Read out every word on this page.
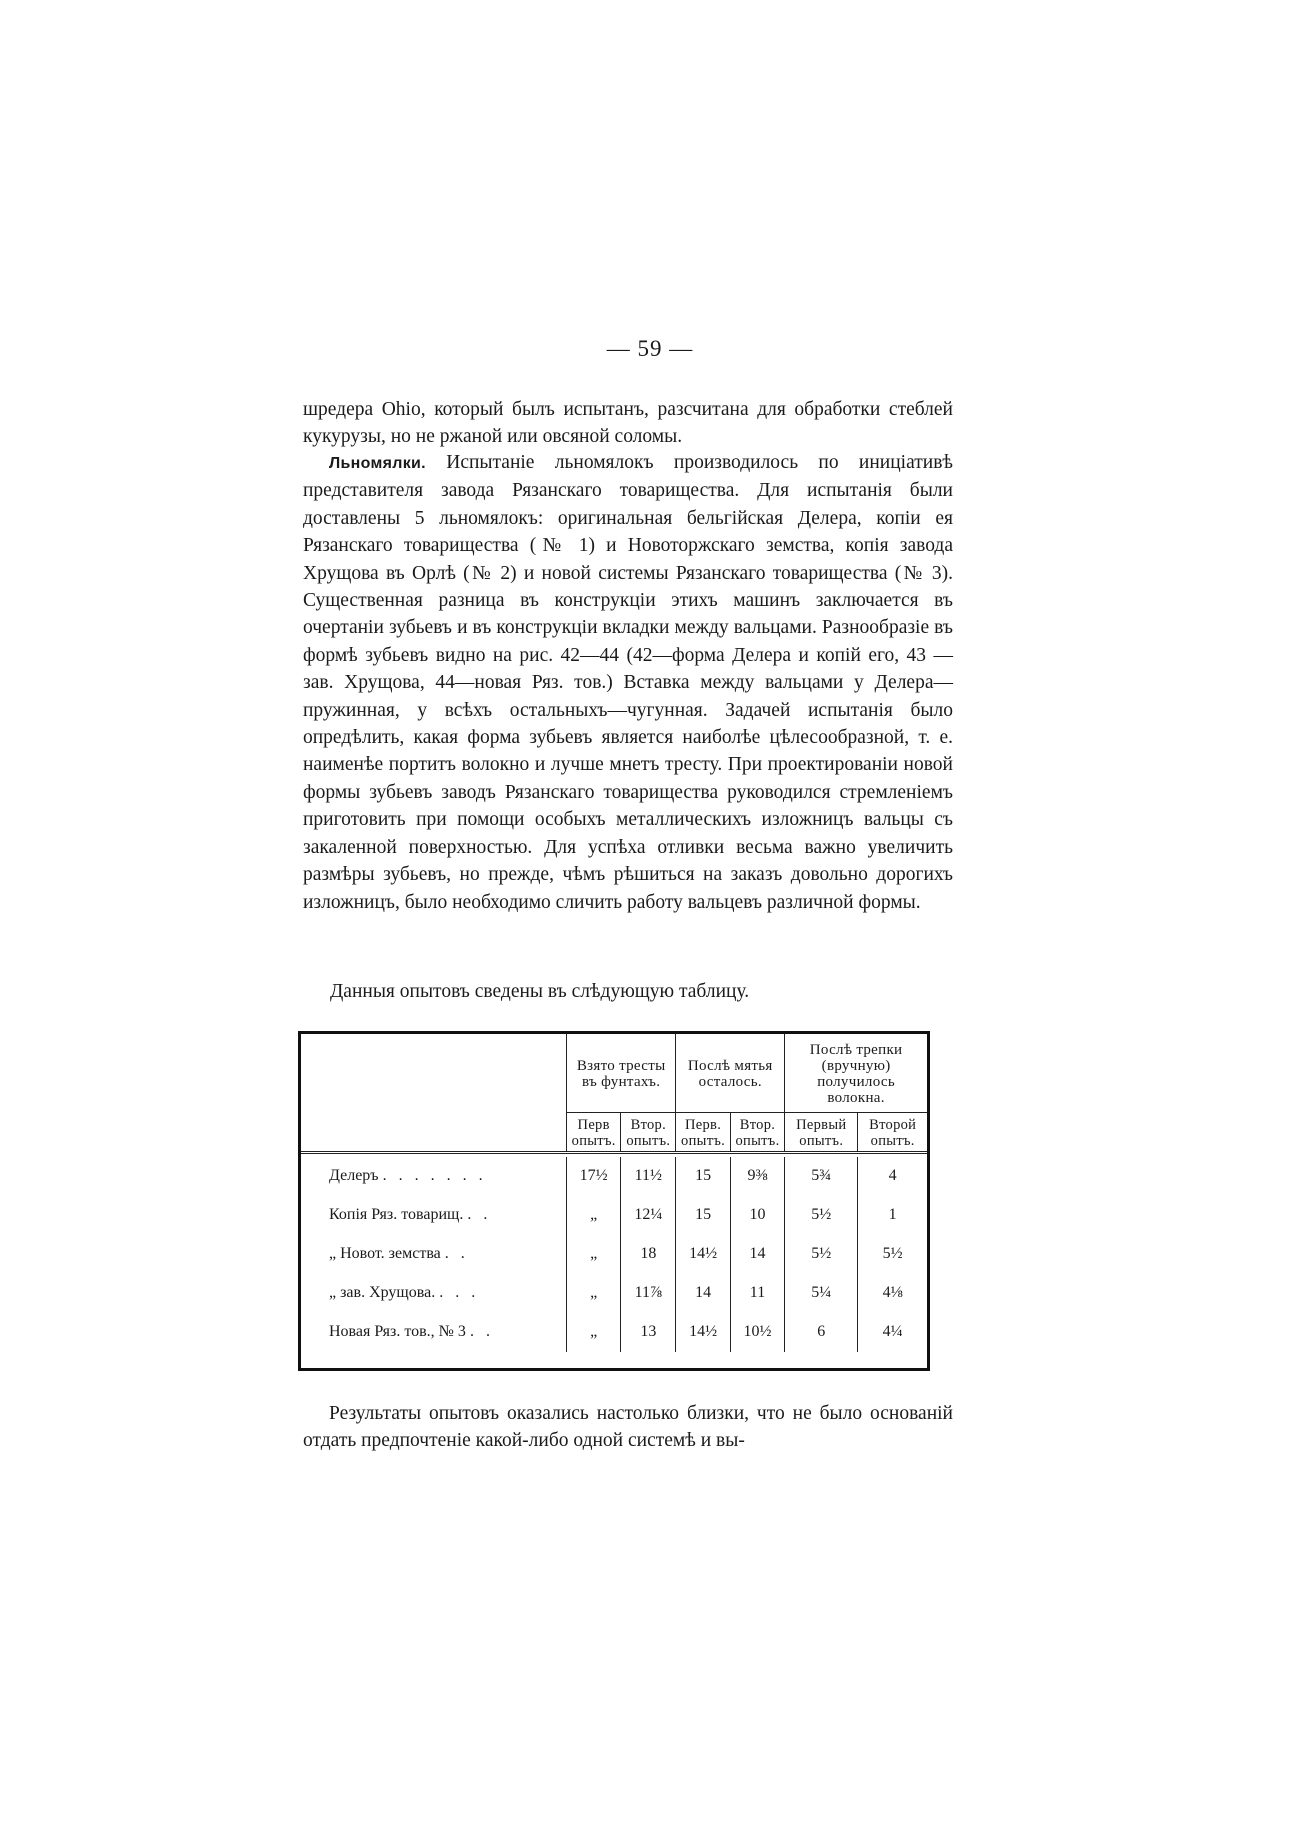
— 59 —

шредера Ohio, который былъ испытанъ, разсчитана для обработки стеблей кукурузы, но не ржаной или овсяной соломы.

Льномялки. Испытаніе льномялокъ производилось по иниціативѣ представителя завода Рязанскаго товарищества. Для испытанія были доставлены 5 льномялокъ: оригинальная бельгійская Делера, копіи ея Рязанскаго товарищества (№ 1) и Новоторжскаго земства, копія завода Хрущова въ Орлѣ (№ 2) и новой системы Рязанскаго товарищества (№ 3). Существенная разница въ конструкціи этихъ машинъ заключается въ очертаніи зубьевъ и въ конструкціи вкладки между вальцами. Разнообразіе въ формѣ зубьевъ видно на рис. 42—44 (42—форма Делера и копій его, 43 — зав. Хрущова, 44—новая Ряз. тов.) Вставка между вальцами у Делера—пружинная, у всѣхъ остальныхъ—чугунная. Задачей испытанія было опредѣлить, какая форма зубьевъ является наиболѣе цѣлесообразной, т. е. наименѣе портитъ волокно и лучше мнетъ тресту. При проектированіи новой формы зубьевъ заводъ Рязанскаго товарищества руководился стремленіемъ приготовить при помощи особыхъ металлическихъ изложницъ вальцы съ закаленной поверхностью. Для успѣха отливки весьма важно увеличить размѣры зубьевъ, но прежде, чѣмъ рѣшиться на заказъ довольно дорогихъ изложницъ, было необходимо сличить работу вальцевъ различной формы.

Данныя опытовъ сведены въ слѣдующую таблицу.
	Взято тресты въ фунтахъ.		Послѣ мятья осталось.		Послѣ трепки (вручную) получилось волокна.	
	Перв опытъ.	Втор. опытъ.	Перв. опытъ.	Втор. опытъ.	Первый опытъ.	Второй опытъ.

Делеръ . . . . . . .	17½	11½	15	9⅜	5¾	4
Копія Ряз. товарищ. . .	„	12¼	15	10	5½	1
„ Новот. земства . .	„	18	14½	14	5½	5½
„ зав. Хрущова. . . .	„	11⅞	14	11	5¼	4⅛
Новая Ряз. тов., № 3 . .	„	13	14½	10½	6	4¼

Результаты опытовъ оказались настолько близки, что не было основаній отдать предпочтеніе какой-либо одной системѣ и вы-
